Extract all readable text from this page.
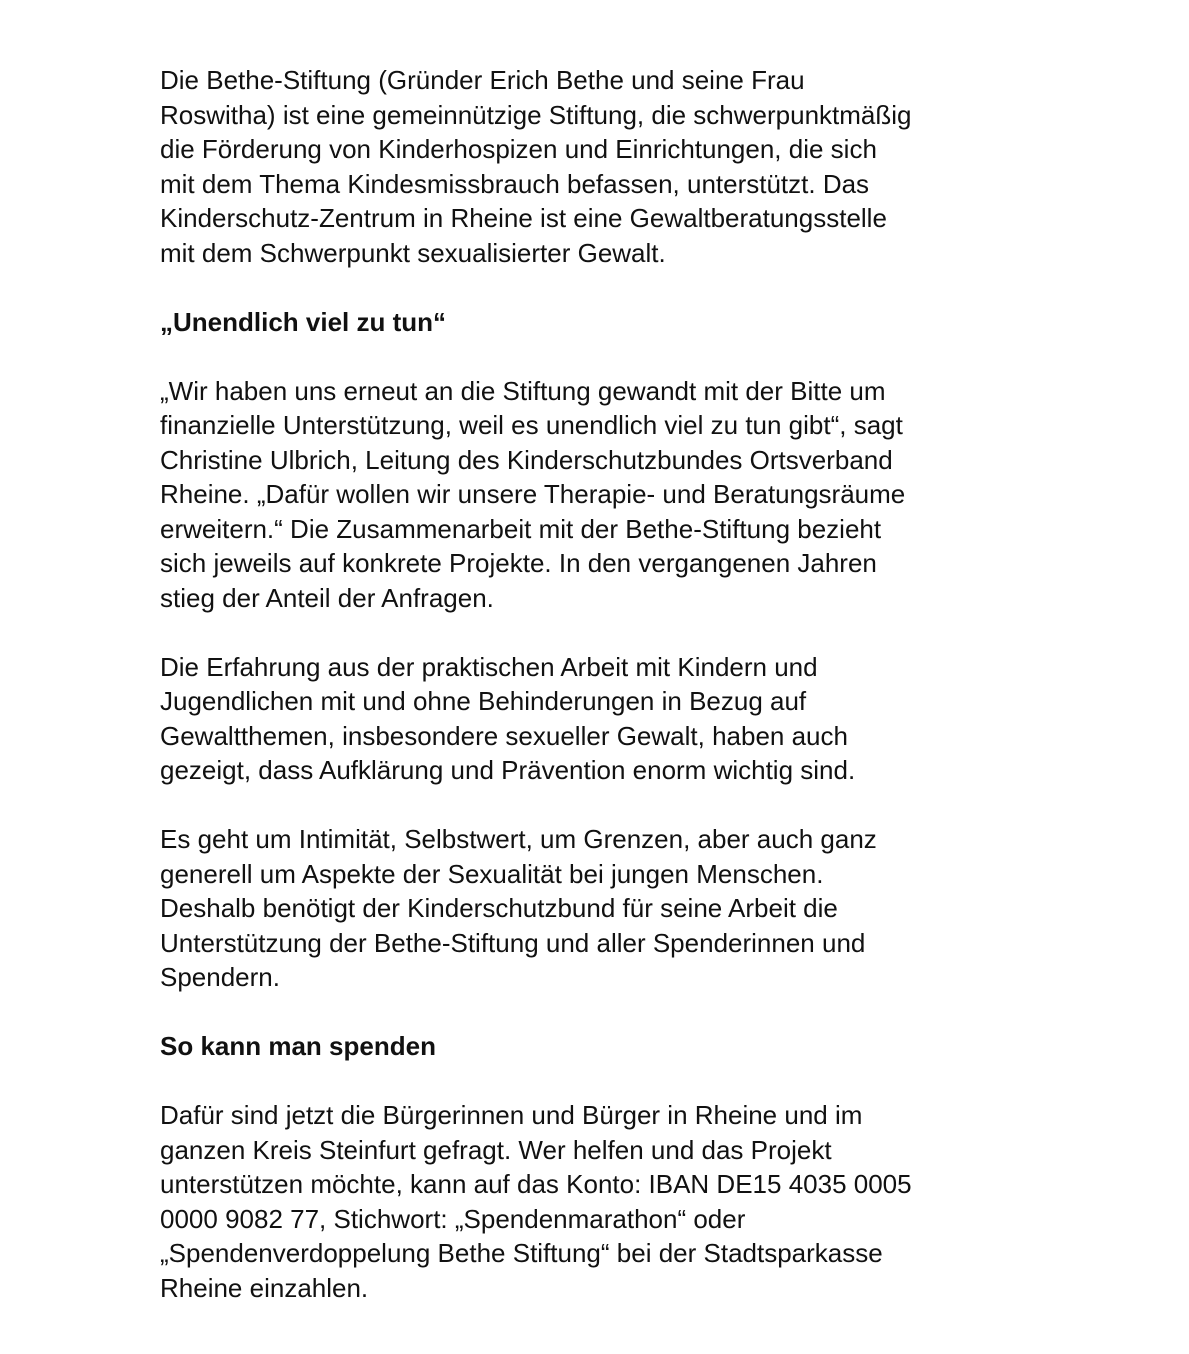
Die Bethe-Stiftung (Gründer Erich Bethe und seine Frau
Roswitha) ist eine gemeinnützige Stiftung, die schwerpunktmäßig
die Förderung von Kinderhospizen und Einrichtungen, die sich
mit dem Thema Kindesmissbrauch befassen, unterstützt. Das
Kinderschutz-Zentrum in Rheine ist eine Gewaltberatungsstelle
mit dem Schwerpunkt sexualisierter Gewalt.
„Unendlich viel zu tun“
„Wir haben uns erneut an die Stiftung gewandt mit der Bitte um
finanzielle Unterstützung, weil es unendlich viel zu tun gibt“, sagt
Christine Ulbrich, Leitung des Kinderschutzbundes Ortsverband
Rheine. „Dafür wollen wir unsere Therapie- und Beratungsräume
erweitern.“ Die Zusammenarbeit mit der Bethe-Stiftung bezieht
sich jeweils auf konkrete Projekte. In den vergangenen Jahren
stieg der Anteil der Anfragen.
Die Erfahrung aus der praktischen Arbeit mit Kindern und
Jugendlichen mit und ohne Behinderungen in Bezug auf
Gewaltthemen, insbesondere sexueller Gewalt, haben auch
gezeigt, dass Aufklärung und Prävention enorm wichtig sind.
Es geht um Intimität, Selbstwert, um Grenzen, aber auch ganz
generell um Aspekte der Sexualität bei jungen Menschen.
Deshalb benötigt der Kinderschutzbund für seine Arbeit die
Unterstützung der Bethe-Stiftung und aller Spenderinnen und
Spendern.
So kann man spenden
Dafür sind jetzt die Bürgerinnen und Bürger in Rheine und im
ganzen Kreis Steinfurt gefragt. Wer helfen und das Projekt
unterstützen möchte, kann auf das Konto: IBAN DE15 4035 0005
0000 9082 77, Stichwort: „Spendenmarathon“ oder
„Spendenverdoppelung Bethe Stiftung“ bei der Stadtsparkasse
Rheine einzahlen.
